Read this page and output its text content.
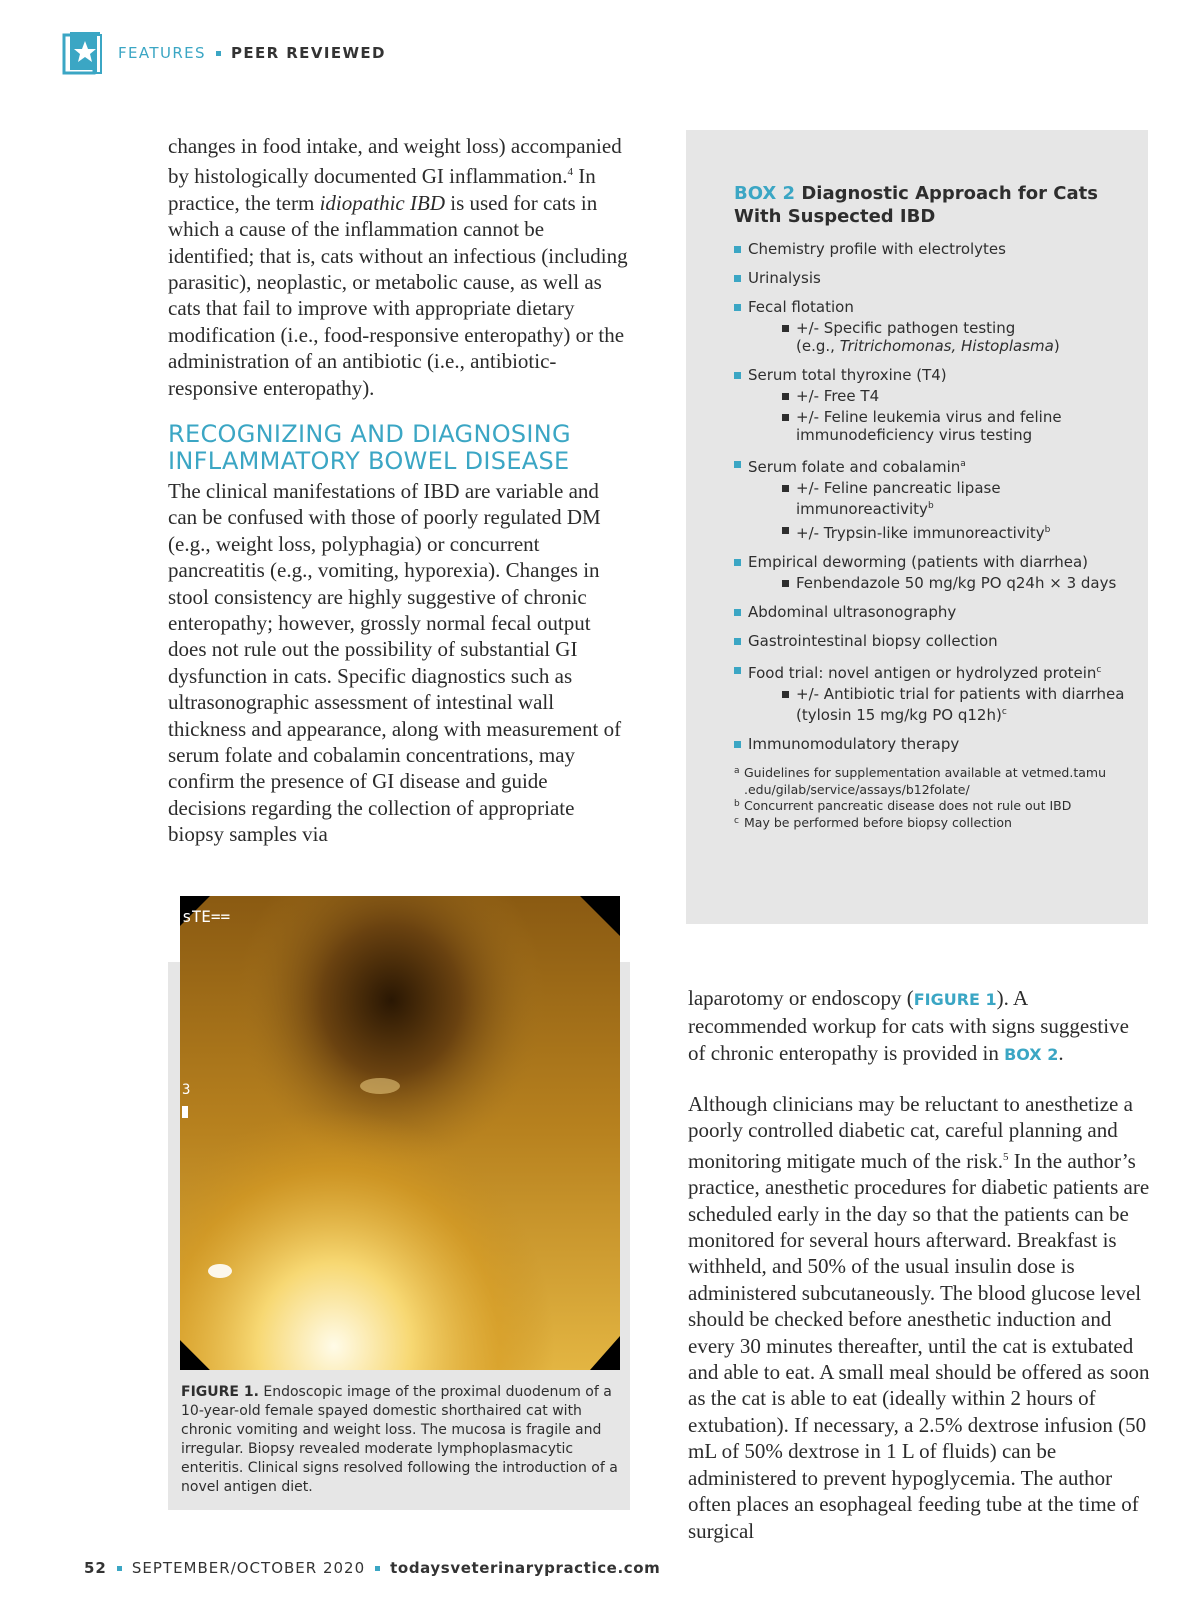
FEATURES PEER REVIEWED

changes in food intake, and weight loss) accompanied by histologically documented GI inflammation.$^4$ In practice, the term idiopathic IBD is used for cats in which a cause of the inflammation cannot be identified; that is, cats without an infectious (including parasitic), neoplastic, or metabolic cause, as well as cats that fail to improve with appropriate dietary modification (i.e., food-responsive enteropathy) or the administration of an antibiotic (i.e., antibiotic-responsive enteropathy).

RECOGNIZING AND DIAGNOSING
INFLAMMATORY BOWEL DISEASE

The clinical manifestations of IBD are variable and can be confused with those of poorly regulated DM (e.g., weight loss, polyphagia) or concurrent pancreatitis (e.g., vomiting, hyporexia). Changes in stool consistency are highly suggestive of chronic enteropathy; however, grossly normal fecal output does not rule out the possibility of substantial GI dysfunction in cats. Specific diagnostics such as ultrasonographic assessment of intestinal wall thickness and appearance, along with measurement of serum folate and cobalamin concentrations, may confirm the presence of GI disease and guide decisions regarding the collection of appropriate biopsy samples via

BOX 2 Diagnostic Approach for Cats With Suspected IBD
Chemistry profile with electrolytes
Urinalysis
Fecal flotation
+/- Specific pathogen testing
(e.g., Tritrichomonas, Histoplasma)
Serum total thyroxine (T4)
+/- Free T4
+/- Feline leukemia virus and feline immunodeficiency virus testing
Serum folate and cobalamin$^a$
+/- Feline pancreatic lipase immunoreactivity$^b$
+/- Trypsin-like immunoreactivity$^b$
Empirical deworming (patients with diarrhea)
Fenbendazole 50 mg/kg PO q24h × 3 days
Abdominal ultrasonography
Gastrointestinal biopsy collection
Food trial: novel antigen or hydrolyzed protein$^c$
+/- Antibiotic trial for patients with diarrhea (tylosin 15 mg/kg PO q12h)$^c$
Immunomodulatory therapy
a Guidelines for supplementation available at vetmed.tamu .edu/gilab/service/assays/b12folate/
b Concurrent pancreatic disease does not rule out IBD
c May be performed before biopsy collection
sTE==
3
FIGURE 1. Endoscopic image of the proximal duodenum of a 10-year-old female spayed domestic shorthaired cat with chronic vomiting and weight loss. The mucosa is fragile and irregular. Biopsy revealed moderate lymphoplasmacytic enteritis. Clinical signs resolved following the introduction of a novel antigen diet.

laparotomy or endoscopy (FIGURE 1). A recommended workup for cats with signs suggestive of chronic enteropathy is provided in BOX 2.

Although clinicians may be reluctant to anesthetize a poorly controlled diabetic cat, careful planning and monitoring mitigate much of the risk.$^5$ In the author’s practice, anesthetic procedures for diabetic patients are scheduled early in the day so that the patients can be monitored for several hours afterward. Breakfast is withheld, and 50% of the usual insulin dose is administered subcutaneously. The blood glucose level should be checked before anesthetic induction and every 30 minutes thereafter, until the cat is extubated and able to eat. A small meal should be offered as soon as the cat is able to eat (ideally within 2 hours of extubation). If necessary, a 2.5% dextrose infusion (50 mL of 50% dextrose in 1 L of fluids) can be administered to prevent hypoglycemia. The author often places an esophageal feeding tube at the time of surgical

52 SEPTEMBER/OCTOBER 2020 todaysveterinarypractice.com
